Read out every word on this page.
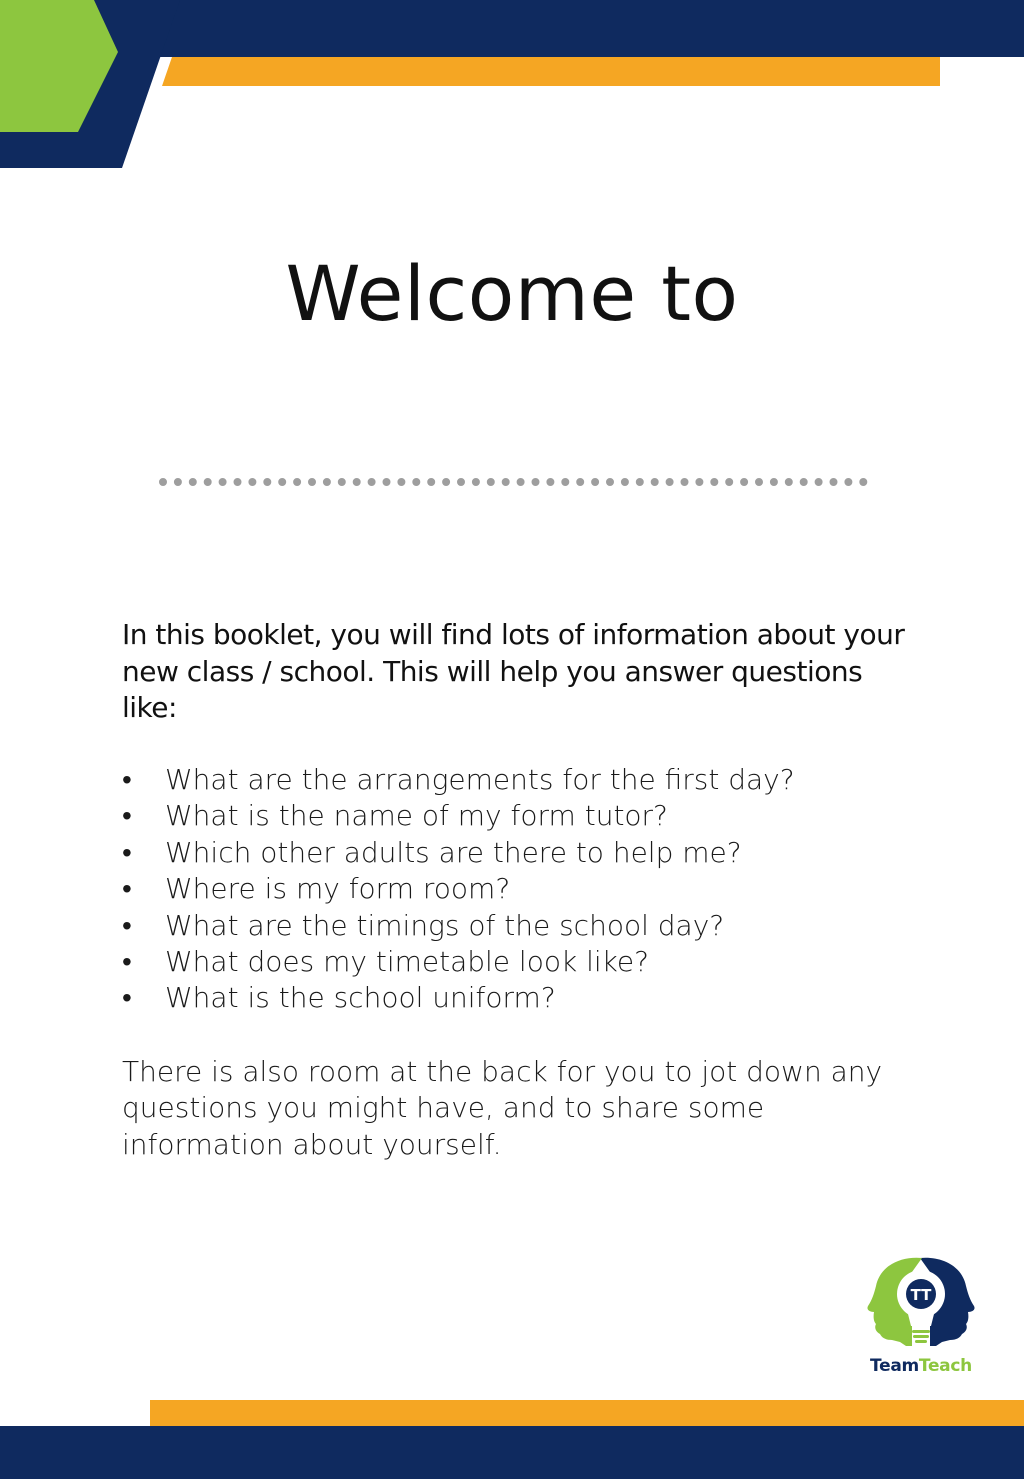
Welcome to

In this booklet, you will find lots of information about your new class / school. This will help you answer questions like:

• What are the arrangements for the first day?
• What is the name of my form tutor?
• Which other adults are there to help me?
• Where is my form room?
• What are the timings of the school day?
• What does my timetable look like?
• What is the school uniform?

There is also room at the back for you to jot down any questions you might have, and to share some information about yourself.

TT
TeamTeach
